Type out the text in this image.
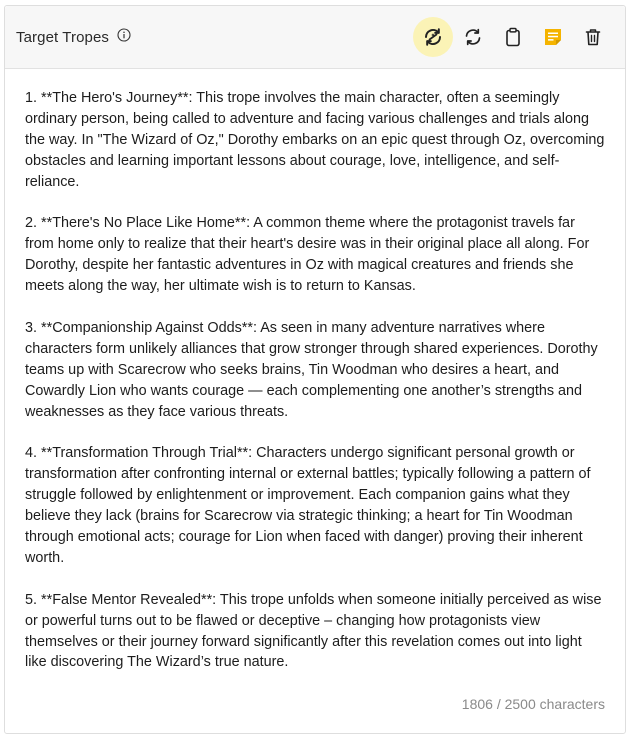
Target Tropes

1. **The Hero's Journey**: This trope involves the main character, often a seemingly ordinary person, being called to adventure and facing various challenges and trials along the way. In "The Wizard of Oz," Dorothy embarks on an epic quest through Oz, overcoming obstacles and learning important lessons about courage, love, intelligence, and self-reliance.

2. **There's No Place Like Home**: A common theme where the protagonist travels far from home only to realize that their heart's desire was in their original place all along. For Dorothy, despite her fantastic adventures in Oz with magical creatures and friends she meets along the way, her ultimate wish is to return to Kansas.

3. **Companionship Against Odds**: As seen in many adventure narratives where characters form unlikely alliances that grow stronger through shared experiences. Dorothy teams up with Scarecrow who seeks brains, Tin Woodman who desires a heart, and Cowardly Lion who wants courage — each complementing one another’s strengths and weaknesses as they face various threats.

4. **Transformation Through Trial**: Characters undergo significant personal growth or transformation after confronting internal or external battles; typically following a pattern of struggle followed by enlightenment or improvement. Each companion gains what they believe they lack (brains for Scarecrow via strategic thinking; a heart for Tin Woodman through emotional acts; courage for Lion when faced with danger) proving their inherent worth.

5. **False Mentor Revealed**: This trope unfolds when someone initially perceived as wise or powerful turns out to be flawed or deceptive – changing how protagonists view themselves or their journey forward significantly after this revelation comes out into light like discovering The Wizard’s true nature.

1806 / 2500 characters
